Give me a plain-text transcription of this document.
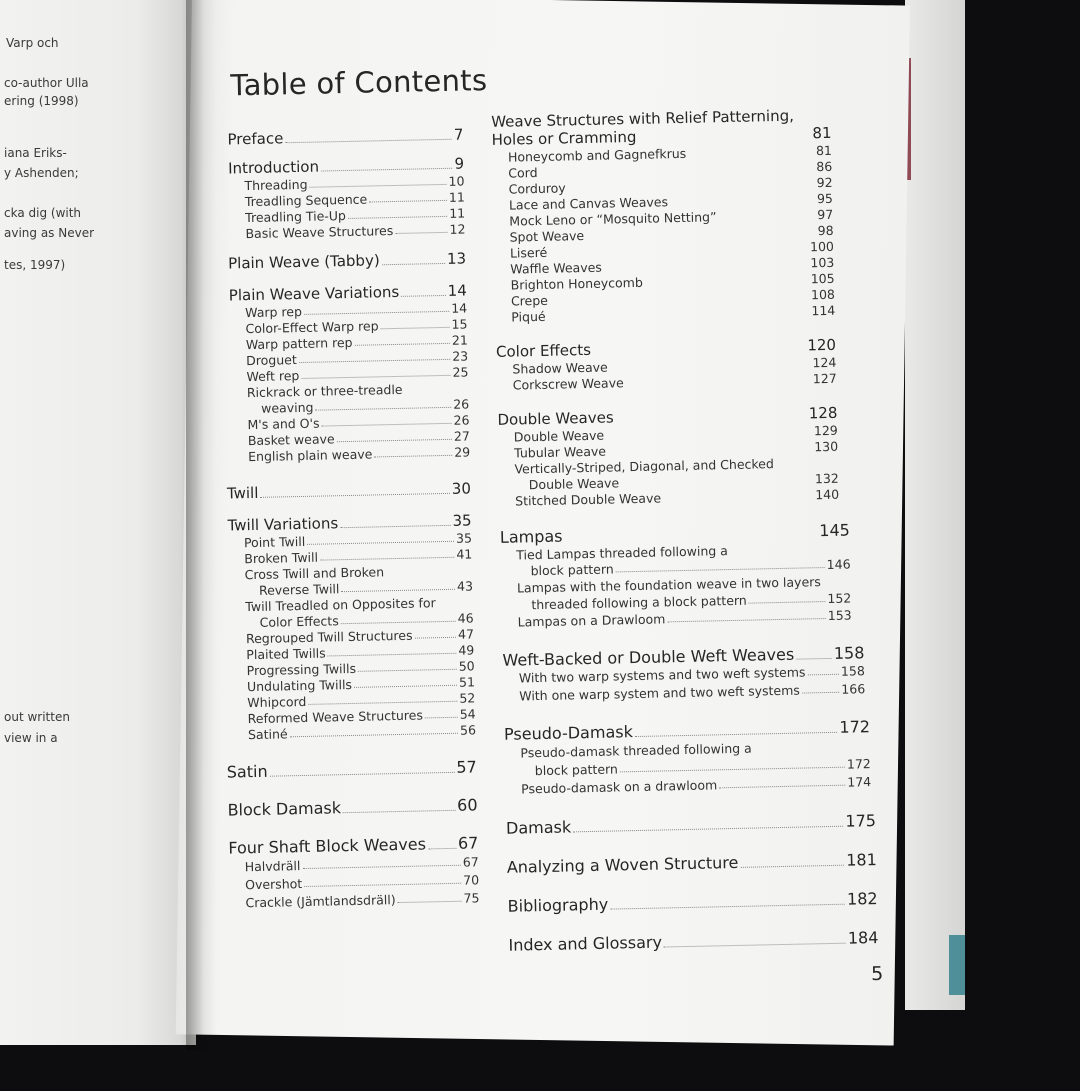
Varp och
co-author Ulla
ering (1998)
iana Eriks-
y Ashenden;
cka dig (with
aving as Never
tes, 1997)
out written
view in a
Table of Contents
Preface	7
Introduction	9
Threading	10
Treadling Sequence	11
Treadling Tie-Up	11
Basic Weave Structures	12
Plain Weave (Tabby)	13
Plain Weave Variations	14
Warp rep	14
Color-Effect Warp rep	15
Warp pattern rep	21
Droguet	23
Weft rep	25
Rickrack or three-treadle
weaving	26
M's and O's	26
Basket weave	27
English plain weave	29
Twill	30
Twill Variations	35
Point Twill	35
Broken Twill	41
Cross Twill and Broken
Reverse Twill	43
Twill Treadled on Opposites for
Color Effects	46
Regrouped Twill Structures	47
Plaited Twills	49
Progressing Twills	50
Undulating Twills	51
Whipcord	52
Reformed Weave Structures	54
Satiné	56
Satin	57
Block Damask	60
Four Shaft Block Weaves 67
Halvdräll	67
Overshot	70
Crackle (Jämtlandsdräll)	75
Weave Structures with Relief Patterning,
Holes or Cramming	81
Honeycomb and Gagnefkrus	81
Cord	86
Corduroy	92
Lace and Canvas Weaves	95
Mock Leno or “Mosquito Netting”	97
Spot Weave	98
Liseré	100
Waffle Weaves	103
Brighton Honeycomb	105
Crepe	108
Piqué	114
Color Effects	120
Shadow Weave	124
Corkscrew Weave	127
Double Weaves	128
Double Weave	129
Tubular Weave	130
Vertically-Striped, Diagonal, and Checked
Double Weave	132
Stitched Double Weave	140
Lampas	145
Tied Lampas threaded following a
block pattern	146
Lampas with the foundation weave in two layers
threaded following a block pattern	152
Lampas on a Drawloom	153
Weft-Backed or Double Weft Weaves 158
With two warp systems and two weft systems	158
With one warp system and two weft systems	166
Pseudo-Damask	172
Pseudo-damask threaded following a
block pattern	172
Pseudo-damask on a drawloom	174
Damask	175
Analyzing a Woven Structure	181
Bibliography	182
Index and Glossary	184
5
